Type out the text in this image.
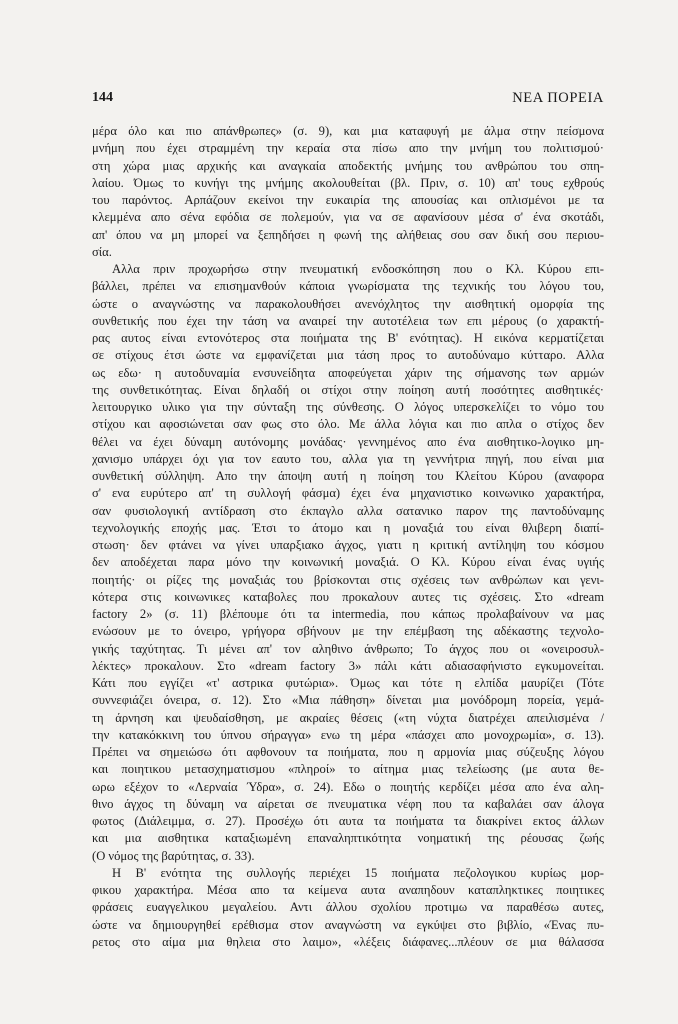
144	ΝΕΑ ΠΟΡΕΙΑ
μέρα όλο και πιο απάνθρωπες» (σ. 9), και μια καταφυγή με άλμα στην πείσμονα
μνήμη που έχει στραμμένη την κεραία στα πίσω απο την μνήμη του πολιτισμού·
στη χώρα μιας αρχικής και αναγκαία αποδεκτής μνήμης του ανθρώπου του σπη-
λαίου. Όμως το κυνήγι της μνήμης ακολουθείται (βλ. Πριν, σ. 10) απ' τους εχθρούς
του παρόντος. Αρπάζουν εκείνοι την ευκαιρία της απουσίας και οπλισμένοι με τα
κλεμμένα απο σένα εφόδια σε πολεμούν, για να σε αφανίσουν μέσα σ' ένα σκοτάδι,
απ' όπου να μη μπορεί να ξεπηδήσει η φωνή της αλήθειας σου σαν δική σου περιου-
σία.
Αλλα πριν προχωρήσω στην πνευματική ενδοσκόπηση που ο Κλ. Κύρου επι-
βάλλει, πρέπει να επισημανθούν κάποια γνωρίσματα της τεχνικής του λόγου του,
ώστε ο αναγνώστης να παρακολουθήσει ανενόχλητος την αισθητική ομορφία της
συνθετικής που έχει την τάση να αναιρεί την αυτοτέλεια των επι μέρους (ο χαρακτή-
ρας αυτος είναι εντονότερος στα ποιήματα της Β' ενότητας). Η εικόνα κερματίζεται
σε στίχους έτσι ώστε να εμφανίζεται μια τάση προς το αυτοδύναμο κύτταρο. Αλλα
ως εδω· η αυτοδυναμία ενσυνείδητα αποφεύγεται χάριν της σήμανσης των αρμών
της συνθετικότητας. Είναι δηλαδή οι στίχοι στην ποίηση αυτή ποσότητες αισθητικές·
λειτουργικο υλικο για την σύνταξη της σύνθεσης. Ο λόγος υπερσκελίζει το νόμο του
στίχου και αφοσιώνεται σαν φως στο όλο. Με άλλα λόγια και πιο απλα ο στίχος δεν
θέλει να έχει δύναμη αυτόνομης μονάδας· γεννημένος απο ένα αισθητικο-λογικο μη-
χανισμο υπάρχει όχι για τον εαυτο του, αλλα για τη γεννήτρια πηγή, που είναι μια
συνθετική σύλληψη. Απο την άποψη αυτή η ποίηση του Κλείτου Κύρου (αναφορα
σ' ενα ευρύτερο απ' τη συλλογή φάσμα) έχει ένα μηχανιστικο κοινωνικο χαρακτήρα,
σαν φυσιολογική αντίδραση στο έκπαγλο αλλα σατανικο παρον της παντοδύναμης
τεχνολογικής εποχής μας. Έτσι το άτομο και η μοναξιά του είναι θλιβερη διαπί-
στωση· δεν φτάνει να γίνει υπαρξιακο άγχος, γιατι η κριτική αντίληψη του κόσμου
δεν αποδέχεται παρα μόνο την κοινωνική μοναξιά. Ο Κλ. Κύρου είναι ένας υγιής
ποιητής· οι ρίζες της μοναξιάς του βρίσκονται στις σχέσεις των ανθρώπων και γενι-
κότερα στις κοινωνικες καταβολες που προκαλουν αυτες τις σχέσεις. Στο «dream
factory 2» (σ. 11) βλέπουμε ότι τα intermedia, που κάπως προλαβαίνουν να μας
ενώσουν με το όνειρο, γρήγορα σβήνουν με την επέμβαση της αδέκαστης τεχνολο-
γικής ταχύτητας. Τι μένει απ' τον αληθινο άνθρωπο; Το άγχος που οι «ονειροσυλ-
λέκτες» προκαλουν. Στο «dream factory 3» πάλι κάτι αδιασαφήνιστο εγκυμονείται.
Κάτι που εγγίζει «τ' αστρικα φυτώρια». Όμως και τότε η ελπίδα μαυρίζει (Τότε
συννεφιάζει όνειρα, σ. 12). Στο «Μια πάθηση» δίνεται μια μονόδρομη πορεία, γεμά-
τη άρνηση και ψευδαίσθηση, με ακραίες θέσεις («τη νύχτα διατρέχει απειλισμένα /
την κατακόκκινη του ύπνου σήραγγα» ενω τη μέρα «πάσχει απο μονοχρωμία», σ. 13).
Πρέπει να σημειώσω ότι αφθονουν τα ποιήματα, που η αρμονία μιας σύζευξης λόγου
και ποιητικου μετασχηματισμου «πληροί» το αίτημα μιας τελείωσης (με αυτα θε-
ωρω εξέχον το «Λερναία Ύδρα», σ. 24). Εδω ο ποιητής κερδίζει μέσα απο ένα αλη-
θινο άγχος τη δύναμη να αίρεται σε πνευματικα νέφη που τα καβαλάει σαν άλογα
φωτος (Διάλειμμα, σ. 27). Προσέχω ότι αυτα τα ποιήματα τα διακρίνει εκτος άλλων
και μια αισθητικα καταξιωμένη επαναληπτικότητα νοηματική της ρέουσας ζωής
(Ο νόμος της βαρύτητας, σ. 33).
Η Β' ενότητα της συλλογής περιέχει 15 ποιήματα πεζολογικου κυρίως μορ-
φικου χαρακτήρα. Μέσα απο τα κείμενα αυτα αναπηδουν καταπληκτικες ποιητικες
φράσεις ευαγγελικου μεγαλείου. Αντι άλλου σχολίου προτιμω να παραθέσω αυτες,
ώστε να δημιουργηθεί ερέθισμα στον αναγνώστη να εγκύψει στο βιβλίο, «Ένας πυ-
ρετος στο αίμα μια θηλεια στο λαιμο», «λέξεις διάφανες...πλέουν σε μια θάλασσα
